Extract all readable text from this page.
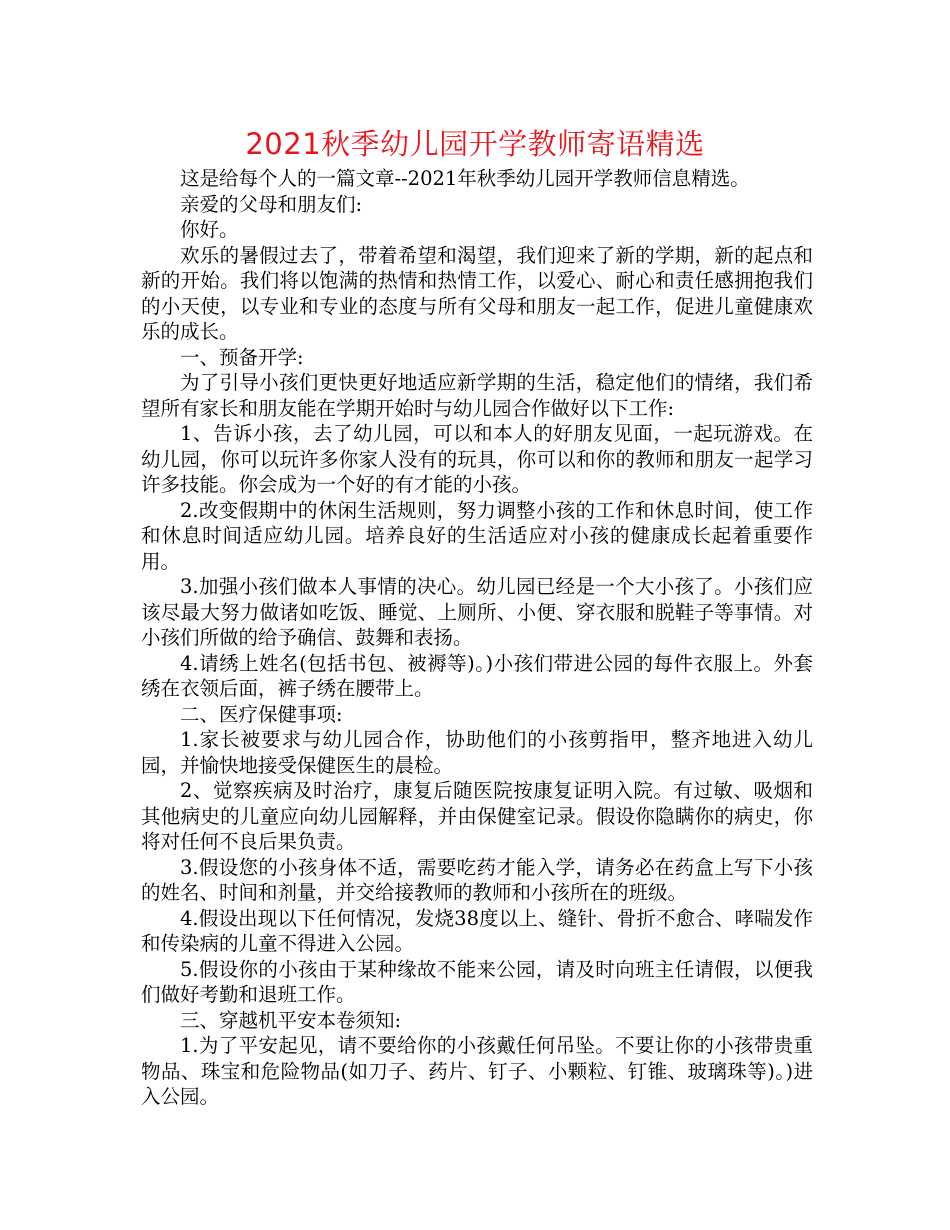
2021秋季幼儿园开学教师寄语精选

这是给每个人的一篇文章--2021年秋季幼儿园开学教师信息精选。

亲爱的父母和朋友们:

你好。

欢乐的暑假过去了，带着希望和渴望，我们迎来了新的学期，新的起点和新的开始。我们将以饱满的热情和热情工作，以爱心、耐心和责任感拥抱我们的小天使，以专业和专业的态度与所有父母和朋友一起工作，促进儿童健康欢乐的成长。

一、预备开学:

为了引导小孩们更快更好地适应新学期的生活，稳定他们的情绪，我们希望所有家长和朋友能在学期开始时与幼儿园合作做好以下工作:

1、告诉小孩，去了幼儿园，可以和本人的好朋友见面，一起玩游戏。在幼儿园，你可以玩许多你家人没有的玩具，你可以和你的教师和朋友一起学习许多技能。你会成为一个好的有才能的小孩。

2.改变假期中的休闲生活规则，努力调整小孩的工作和休息时间，使工作和休息时间适应幼儿园。培养良好的生活适应对小孩的健康成长起着重要作用。

3.加强小孩们做本人事情的决心。幼儿园已经是一个大小孩了。小孩们应该尽最大努力做诸如吃饭、睡觉、上厕所、小便、穿衣服和脱鞋子等事情。对小孩们所做的给予确信、鼓舞和表扬。

4.请绣上姓名(包括书包、被褥等)。)小孩们带进公园的每件衣服上。外套绣在衣领后面，裤子绣在腰带上。

二、医疗保健事项:

1.家长被要求与幼儿园合作，协助他们的小孩剪指甲，整齐地进入幼儿园，并愉快地接受保健医生的晨检。

2、觉察疾病及时治疗，康复后随医院按康复证明入院。有过敏、吸烟和其他病史的儿童应向幼儿园解释，并由保健室记录。假设你隐瞒你的病史，你将对任何不良后果负责。

3.假设您的小孩身体不适，需要吃药才能入学，请务必在药盒上写下小孩的姓名、时间和剂量，并交给接教师的教师和小孩所在的班级。

4.假设出现以下任何情况，发烧38度以上、缝针、骨折不愈合、哮喘发作和传染病的儿童不得进入公园。

5.假设你的小孩由于某种缘故不能来公园，请及时向班主任请假，以便我们做好考勤和退班工作。

三、穿越机平安本卷须知:

1.为了平安起见，请不要给你的小孩戴任何吊坠。不要让你的小孩带贵重物品、珠宝和危险物品(如刀子、药片、钉子、小颗粒、钉锥、玻璃珠等)。)进入公园。
